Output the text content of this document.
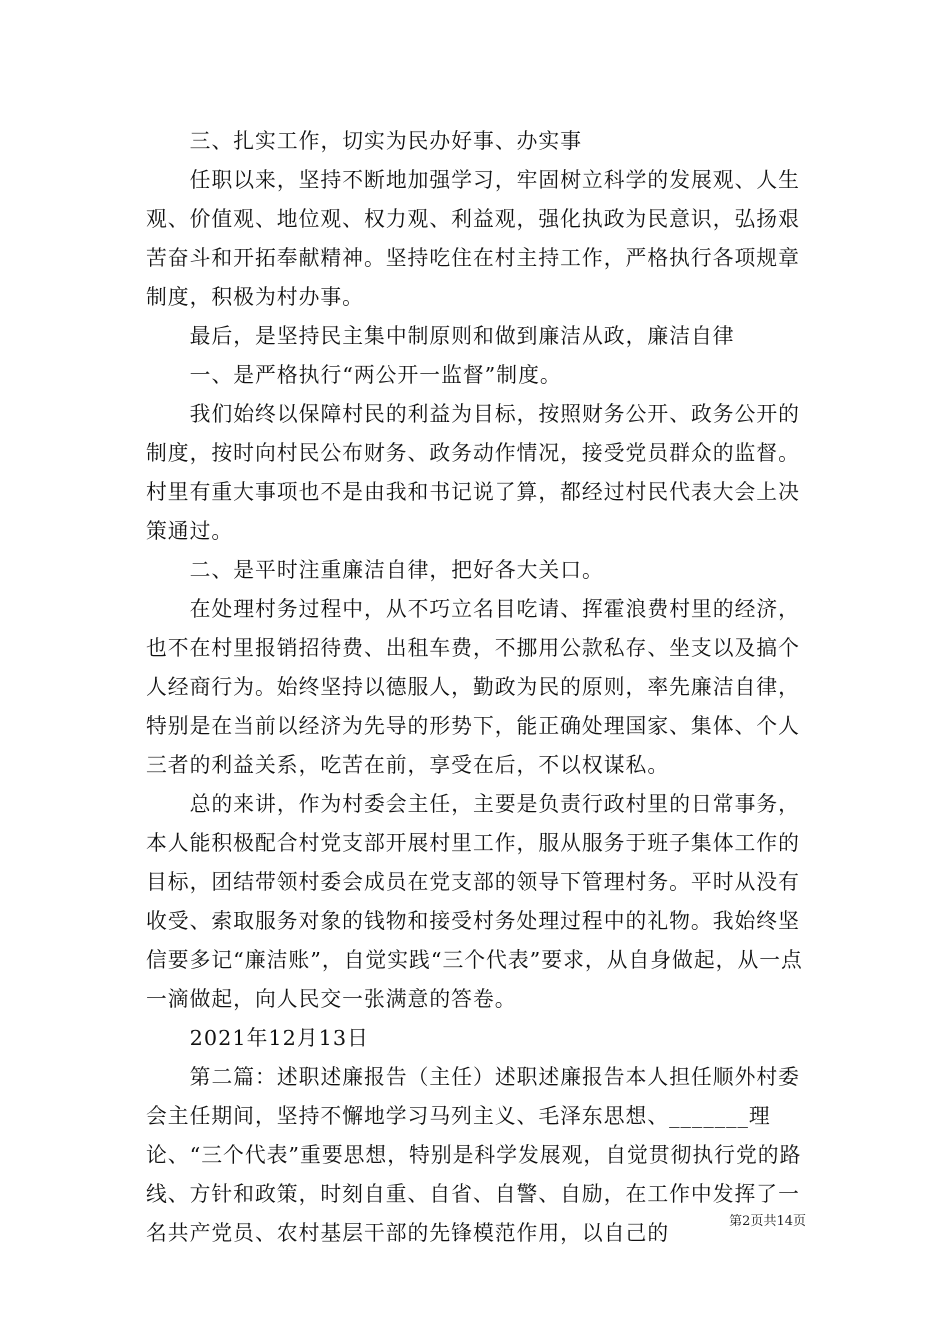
三、扎实工作，切实为民办好事、办实事

任职以来，坚持不断地加强学习，牢固树立科学的发展观、人生观、价值观、地位观、权力观、利益观，强化执政为民意识，弘扬艰苦奋斗和开拓奉献精神。坚持吃住在村主持工作，严格执行各项规章制度，积极为村办事。

最后，是坚持民主集中制原则和做到廉洁从政，廉洁自律

一、是严格执行“两公开一监督”制度。

我们始终以保障村民的利益为目标，按照财务公开、政务公开的制度，按时向村民公布财务、政务动作情况，接受党员群众的监督。村里有重大事项也不是由我和书记说了算，都经过村民代表大会上决策通过。

二、是平时注重廉洁自律，把好各大关口。

在处理村务过程中，从不巧立名目吃请、挥霍浪费村里的经济，也不在村里报销招待费、出租车费，不挪用公款私存、坐支以及搞个人经商行为。始终坚持以德服人，勤政为民的原则，率先廉洁自律，特别是在当前以经济为先导的形势下，能正确处理国家、集体、个人三者的利益关系，吃苦在前，享受在后，不以权谋私。

总的来讲，作为村委会主任，主要是负责行政村里的日常事务，本人能积极配合村党支部开展村里工作，服从服务于班子集体工作的目标，团结带领村委会成员在党支部的领导下管理村务。平时从没有收受、索取服务对象的钱物和接受村务处理过程中的礼物。我始终坚信要多记“廉洁账”，自觉实践“三个代表”要求，从自身做起，从一点一滴做起，向人民交一张满意的答卷。

2021年12月13日

第二篇：述职述廉报告（主任）述职述廉报告本人担任顺外村委会主任期间，坚持不懈地学习马列主义、毛泽东思想、_______理论、“三个代表”重要思想，特别是科学发展观，自觉贯彻执行党的路线、方针和政策，时刻自重、自省、自警、自励，在工作中发挥了一名共产党员、农村基层干部的先锋模范作用，以自己的	第2页共14页
